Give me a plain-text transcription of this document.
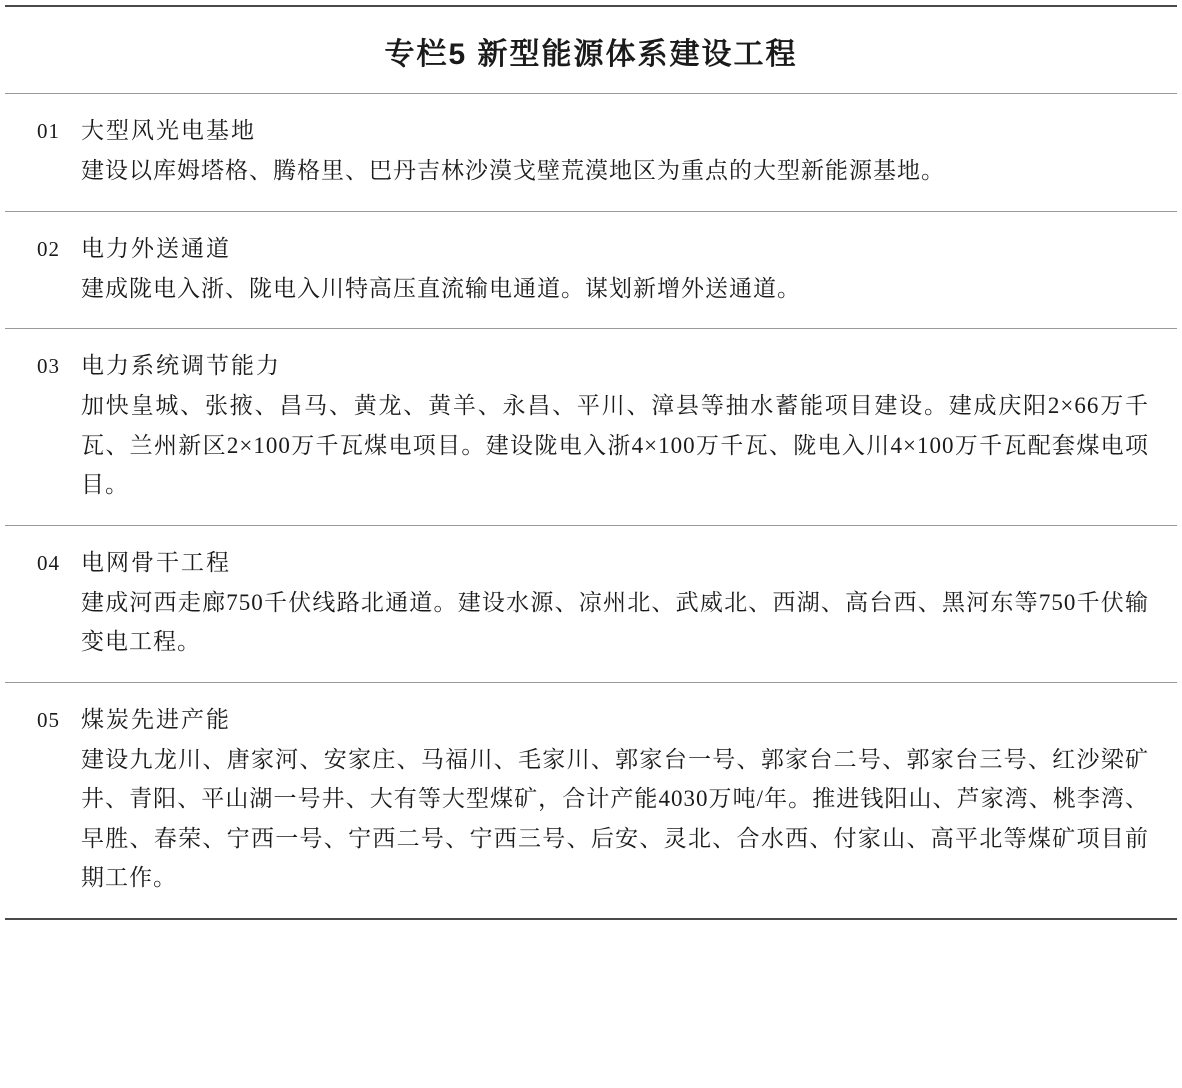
专栏5 新型能源体系建设工程
01 大型风光电基地
建设以库姆塔格、腾格里、巴丹吉林沙漠戈壁荒漠地区为重点的大型新能源基地。
02 电力外送通道
建成陇电入浙、陇电入川特高压直流输电通道。谋划新增外送通道。
03 电力系统调节能力
加快皇城、张掖、昌马、黄龙、黄羊、永昌、平川、漳县等抽水蓄能项目建设。建成庆阳2×66万千瓦、兰州新区2×100万千瓦煤电项目。建设陇电入浙4×100万千瓦、陇电入川4×100万千瓦配套煤电项目。
04 电网骨干工程
建成河西走廊750千伏线路北通道。建设水源、凉州北、武威北、西湖、高台西、黑河东等750千伏输变电工程。
05 煤炭先进产能
建设九龙川、唐家河、安家庄、马福川、毛家川、郭家台一号、郭家台二号、郭家台三号、红沙梁矿井、青阳、平山湖一号井、大有等大型煤矿，合计产能4030万吨/年。推进钱阳山、芦家湾、桃李湾、早胜、春荣、宁西一号、宁西二号、宁西三号、后安、灵北、合水西、付家山、高平北等煤矿项目前期工作。
